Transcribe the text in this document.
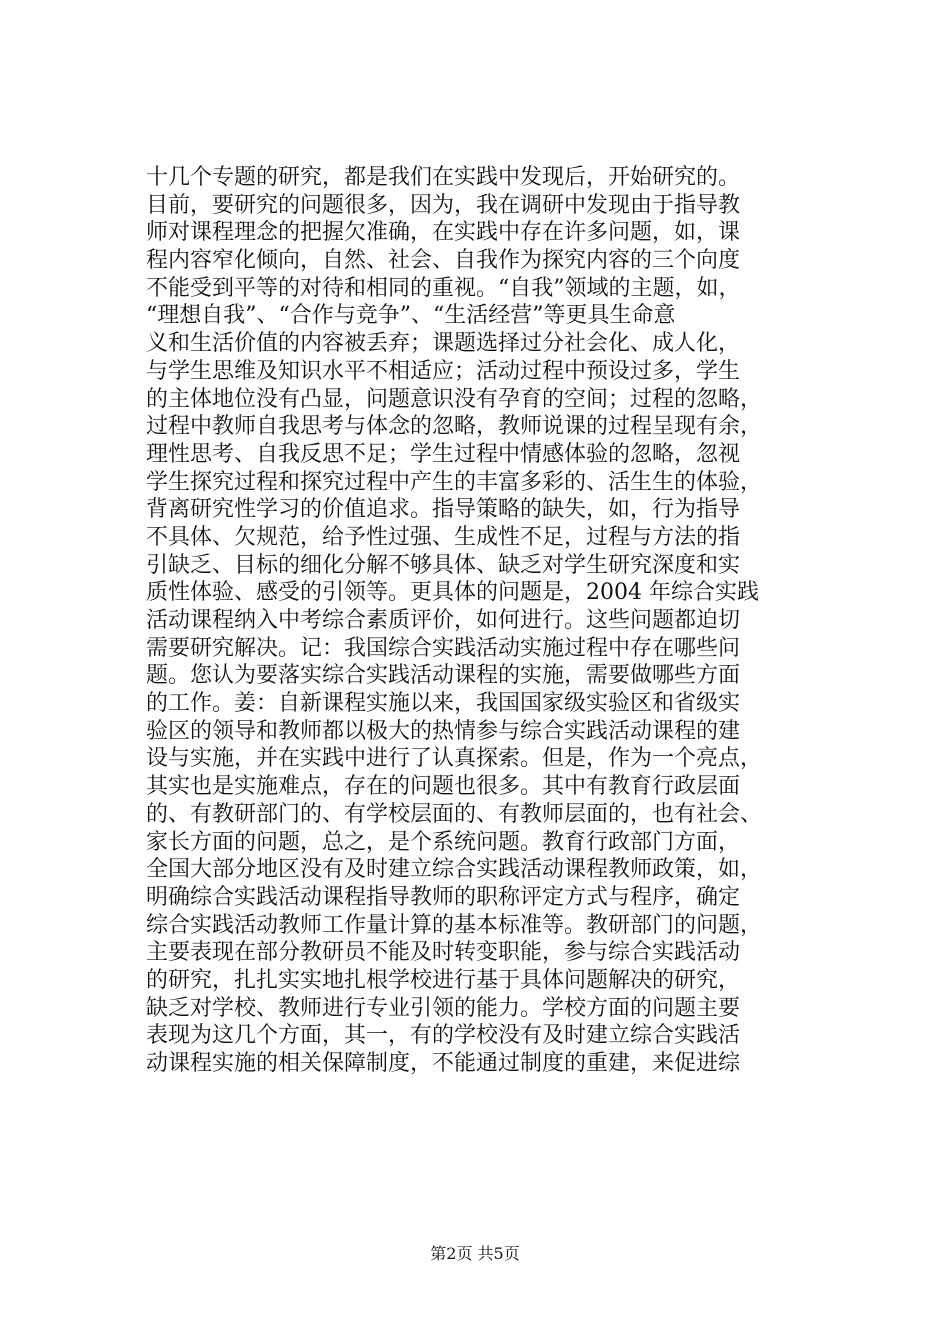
十几个专题的研究，都是我们在实践中发现后，开始研究的。
目前，要研究的问题很多，因为，我在调研中发现由于指导教
师对课程理念的把握欠准确，在实践中存在许多问题，如，课
程内容窄化倾向，自然、社会、自我作为探究内容的三个向度
不能受到平等的对待和相同的重视。“自我”领域的主题，如，
“理想自我”、“合作与竞争”、“生活经营”等更具生命意
义和生活价值的内容被丢弃；课题选择过分社会化、成人化，
与学生思维及知识水平不相适应；活动过程中预设过多，学生
的主体地位没有凸显，问题意识没有孕育的空间；过程的忽略，
过程中教师自我思考与体念的忽略，教师说课的过程呈现有余，
理性思考、自我反思不足；学生过程中情感体验的忽略，忽视
学生探究过程和探究过程中产生的丰富多彩的、活生生的体验，
背离研究性学习的价值追求。指导策略的缺失，如，行为指导
不具体、欠规范，给予性过强、生成性不足，过程与方法的指
引缺乏、目标的细化分解不够具体、缺乏对学生研究深度和实
质性体验、感受的引领等。更具体的问题是，2004 年综合实践
活动课程纳入中考综合素质评价，如何进行。这些问题都迫切
需要研究解决。记：我国综合实践活动实施过程中存在哪些问
题。您认为要落实综合实践活动课程的实施，需要做哪些方面
的工作。姜：自新课程实施以来，我国国家级实验区和省级实
验区的领导和教师都以极大的热情参与综合实践活动课程的建
设与实施，并在实践中进行了认真探索。但是，作为一个亮点，
其实也是实施难点，存在的问题也很多。其中有教育行政层面
的、有教研部门的、有学校层面的、有教师层面的，也有社会、
家长方面的问题，总之，是个系统问题。教育行政部门方面，
全国大部分地区没有及时建立综合实践活动课程教师政策，如，
明确综合实践活动课程指导教师的职称评定方式与程序，确定
综合实践活动教师工作量计算的基本标准等。教研部门的问题，
主要表现在部分教研员不能及时转变职能，参与综合实践活动
的研究，扎扎实实地扎根学校进行基于具体问题解决的研究，
缺乏对学校、教师进行专业引领的能力。学校方面的问题主要
表现为这几个方面，其一，有的学校没有及时建立综合实践活
动课程实施的相关保障制度，不能通过制度的重建，来促进综
第2页 共5页
